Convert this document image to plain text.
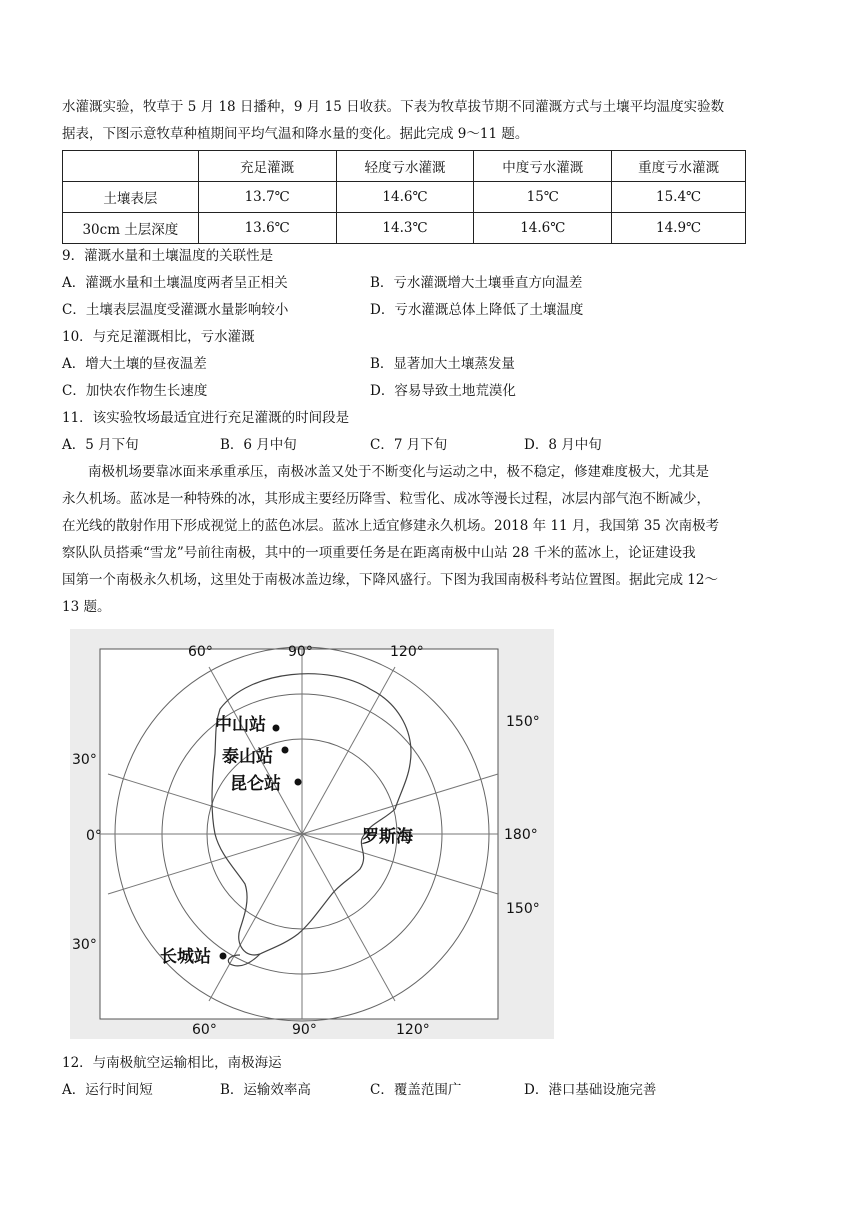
水灌溉实验，牧草于 5 月 18 日播种，9 月 15 日收获。下表为牧草拔节期不同灌溉方式与土壤平均温度实验数
据表，下图示意牧草种植期间平均气温和降水量的变化。据此完成 9～11 题。
	充足灌溉	轻度亏水灌溉	中度亏水灌溉	重度亏水灌溉
土壤表层	13.7℃	14.6℃	15℃	15.4℃
30cm 土层深度	13.6℃	14.3℃	14.6℃	14.9℃
9．灌溉水量和土壤温度的关联性是
A．灌溉水量和土壤温度两者呈正相关	B．亏水灌溉增大土壤垂直方向温差
C．土壤表层温度受灌溉水量影响较小	D．亏水灌溉总体上降低了土壤温度
10．与充足灌溉相比，亏水灌溉
A．增大土壤的昼夜温差	B．显著加大土壤蒸发量
C．加快农作物生长速度	D．容易导致土地荒漠化
11．该实验牧场最适宜进行充足灌溉的时间段是
A．5 月下旬	B．6 月中旬	C．7 月下旬	D．8 月中旬
南极机场要靠冰面来承重承压，南极冰盖又处于不断变化与运动之中，极不稳定，修建难度极大，尤其是
永久机场。蓝冰是一种特殊的冰，其形成主要经历降雪、粒雪化、成冰等漫长过程，冰层内部气泡不断减少，
在光线的散射作用下形成视觉上的蓝色冰层。蓝冰上适宜修建永久机场。2018 年 11 月，我国第 35 次南极考
察队队员搭乘“雪龙”号前往南极，其中的一项重要任务是在距离南极中山站 28 千米的蓝冰上，论证建设我
国第一个南极永久机场，这里处于南极冰盖边缘，下降风盛行。下图为我国南极科考站位置图。据此完成 12～
13 题。
60°	90°	120°
60°	90°	120°
30°
0°
30°
150°
180°
150°
中山站
泰山站
昆仑站
长城站
罗斯海
12．与南极航空运输相比，南极海运
A．运行时间短	B．运输效率高	C．覆盖范围广	D．港口基础设施完善
